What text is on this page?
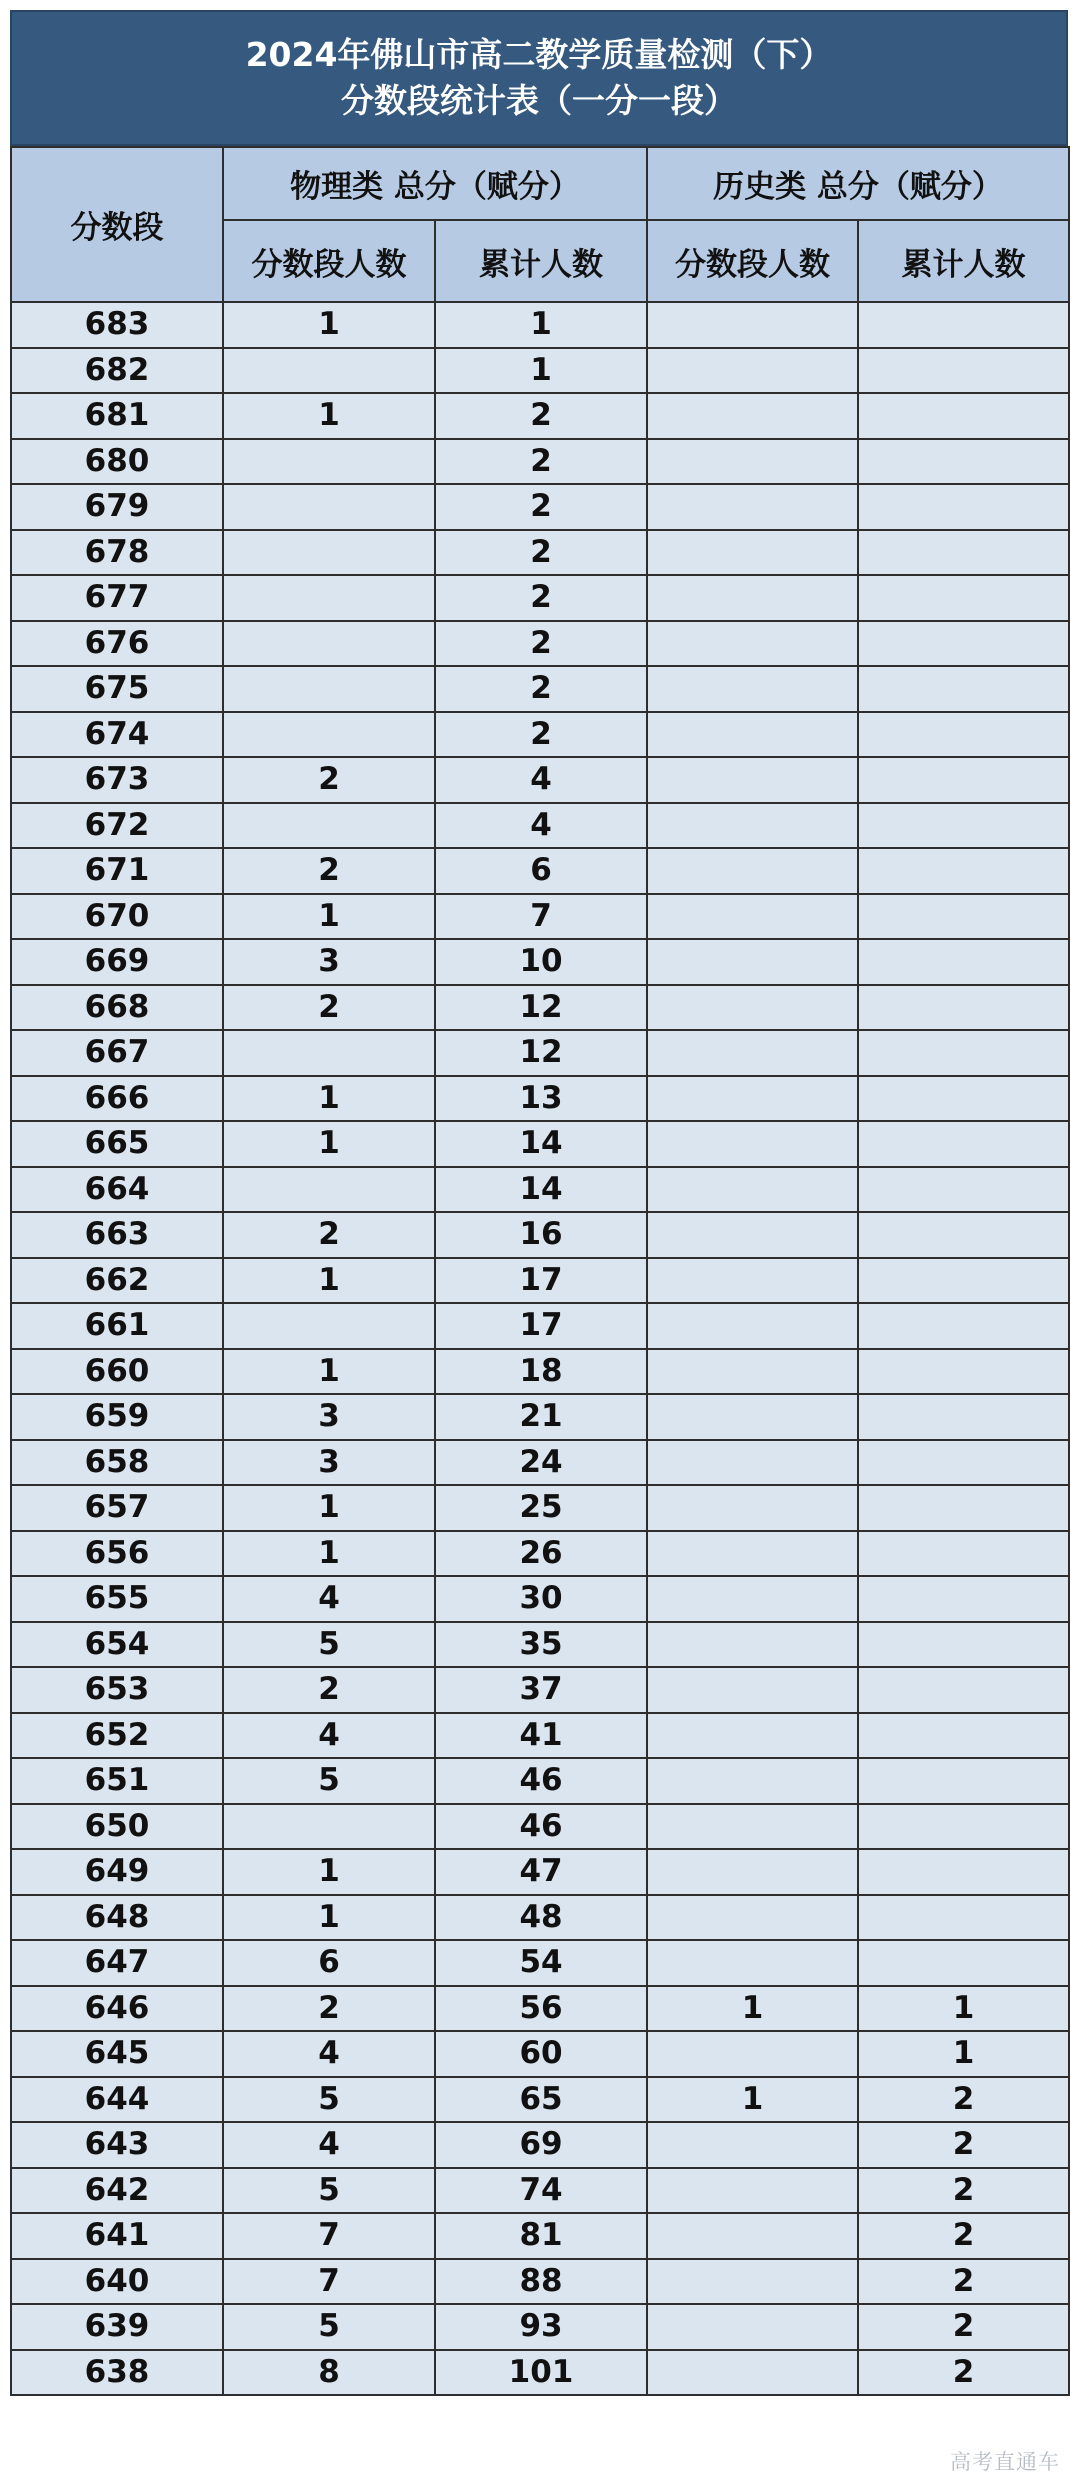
2024年佛山市高二教学质量检测（下）
分数段统计表（一分一段）
分数段	物理类 总分（赋分）		历史类 总分（赋分）	
	分数段人数	累计人数	分数段人数	累计人数
683	1	1		
682		1		
681	1	2		
680		2		
679		2		
678		2		
677		2		
676		2		
675		2		
674		2		
673	2	4		
672		4		
671	2	6		
670	1	7		
669	3	10		
668	2	12		
667		12		
666	1	13		
665	1	14		
664		14		
663	2	16		
662	1	17		
661		17		
660	1	18		
659	3	21		
658	3	24		
657	1	25		
656	1	26		
655	4	30		
654	5	35		
653	2	37		
652	4	41		
651	5	46		
650		46		
649	1	47		
648	1	48		
647	6	54		
646	2	56	1	1
645	4	60		1
644	5	65	1	2
643	4	69		2
642	5	74		2
641	7	81		2
640	7	88		2
639	5	93		2
638	8	101		2
高考直通车
